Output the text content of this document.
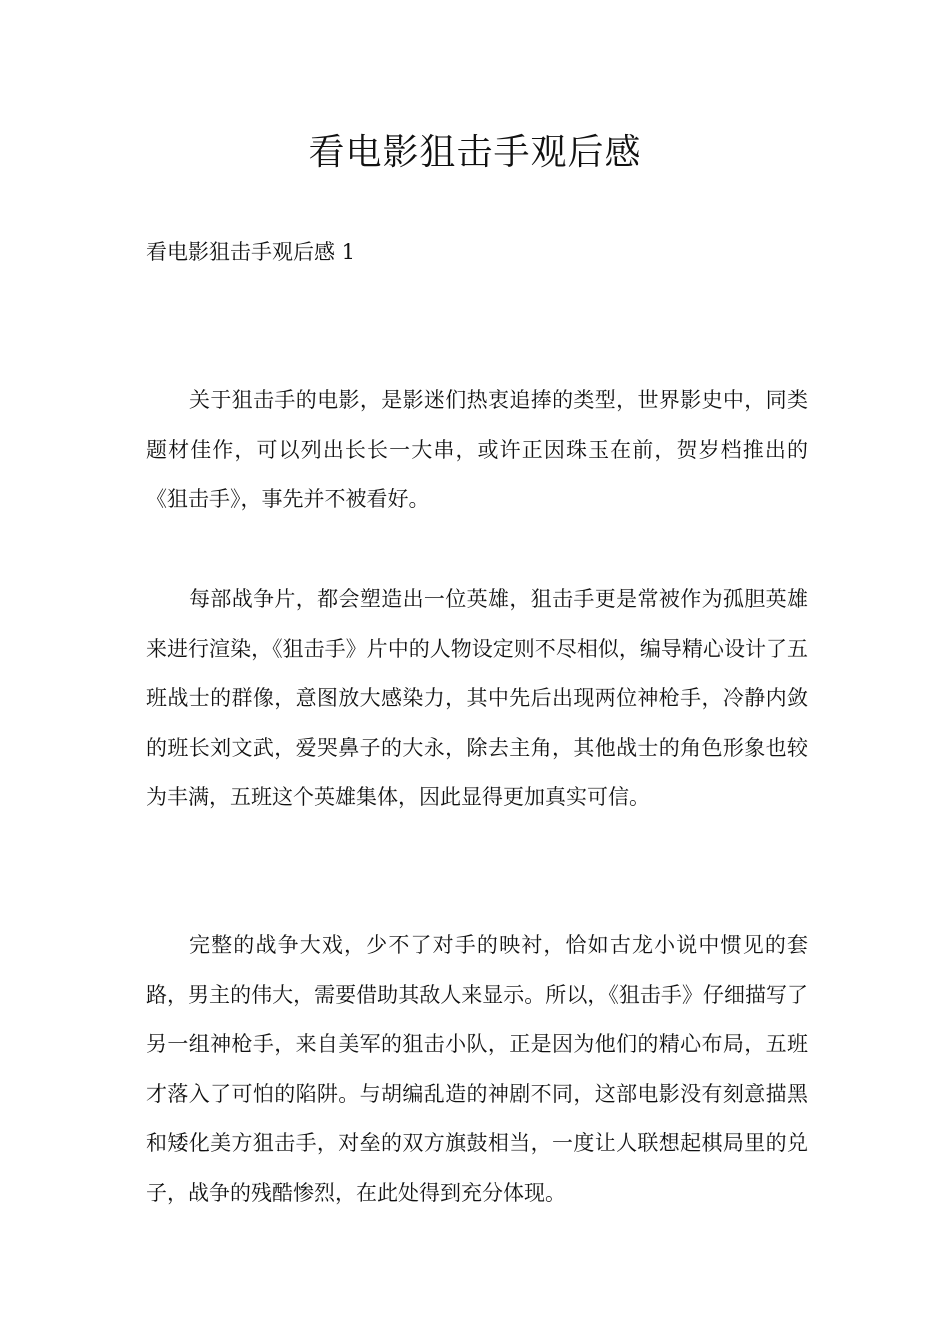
看电影狙击手观后感

看电影狙击手观后感 1

关于狙击手的电影，是影迷们热衷追捧的类型，世界影史中，同类题材佳作，可以列出长长一大串，或许正因珠玉在前，贺岁档推出的《狙击手》，事先并不被看好。

每部战争片，都会塑造出一位英雄，狙击手更是常被作为孤胆英雄来进行渲染，《狙击手》片中的人物设定则不尽相似，编导精心设计了五班战士的群像，意图放大感染力，其中先后出现两位神枪手，冷静内敛的班长刘文武，爱哭鼻子的大永，除去主角，其他战士的角色形象也较为丰满，五班这个英雄集体，因此显得更加真实可信。

完整的战争大戏，少不了对手的映衬，恰如古龙小说中惯见的套路，男主的伟大，需要借助其敌人来显示。所以，《狙击手》仔细描写了另一组神枪手，来自美军的狙击小队，正是因为他们的精心布局，五班才落入了可怕的陷阱。与胡编乱造的神剧不同，这部电影没有刻意描黑和矮化美方狙击手，对垒的双方旗鼓相当，一度让人联想起棋局里的兑子，战争的残酷惨烈，在此处得到充分体现。
